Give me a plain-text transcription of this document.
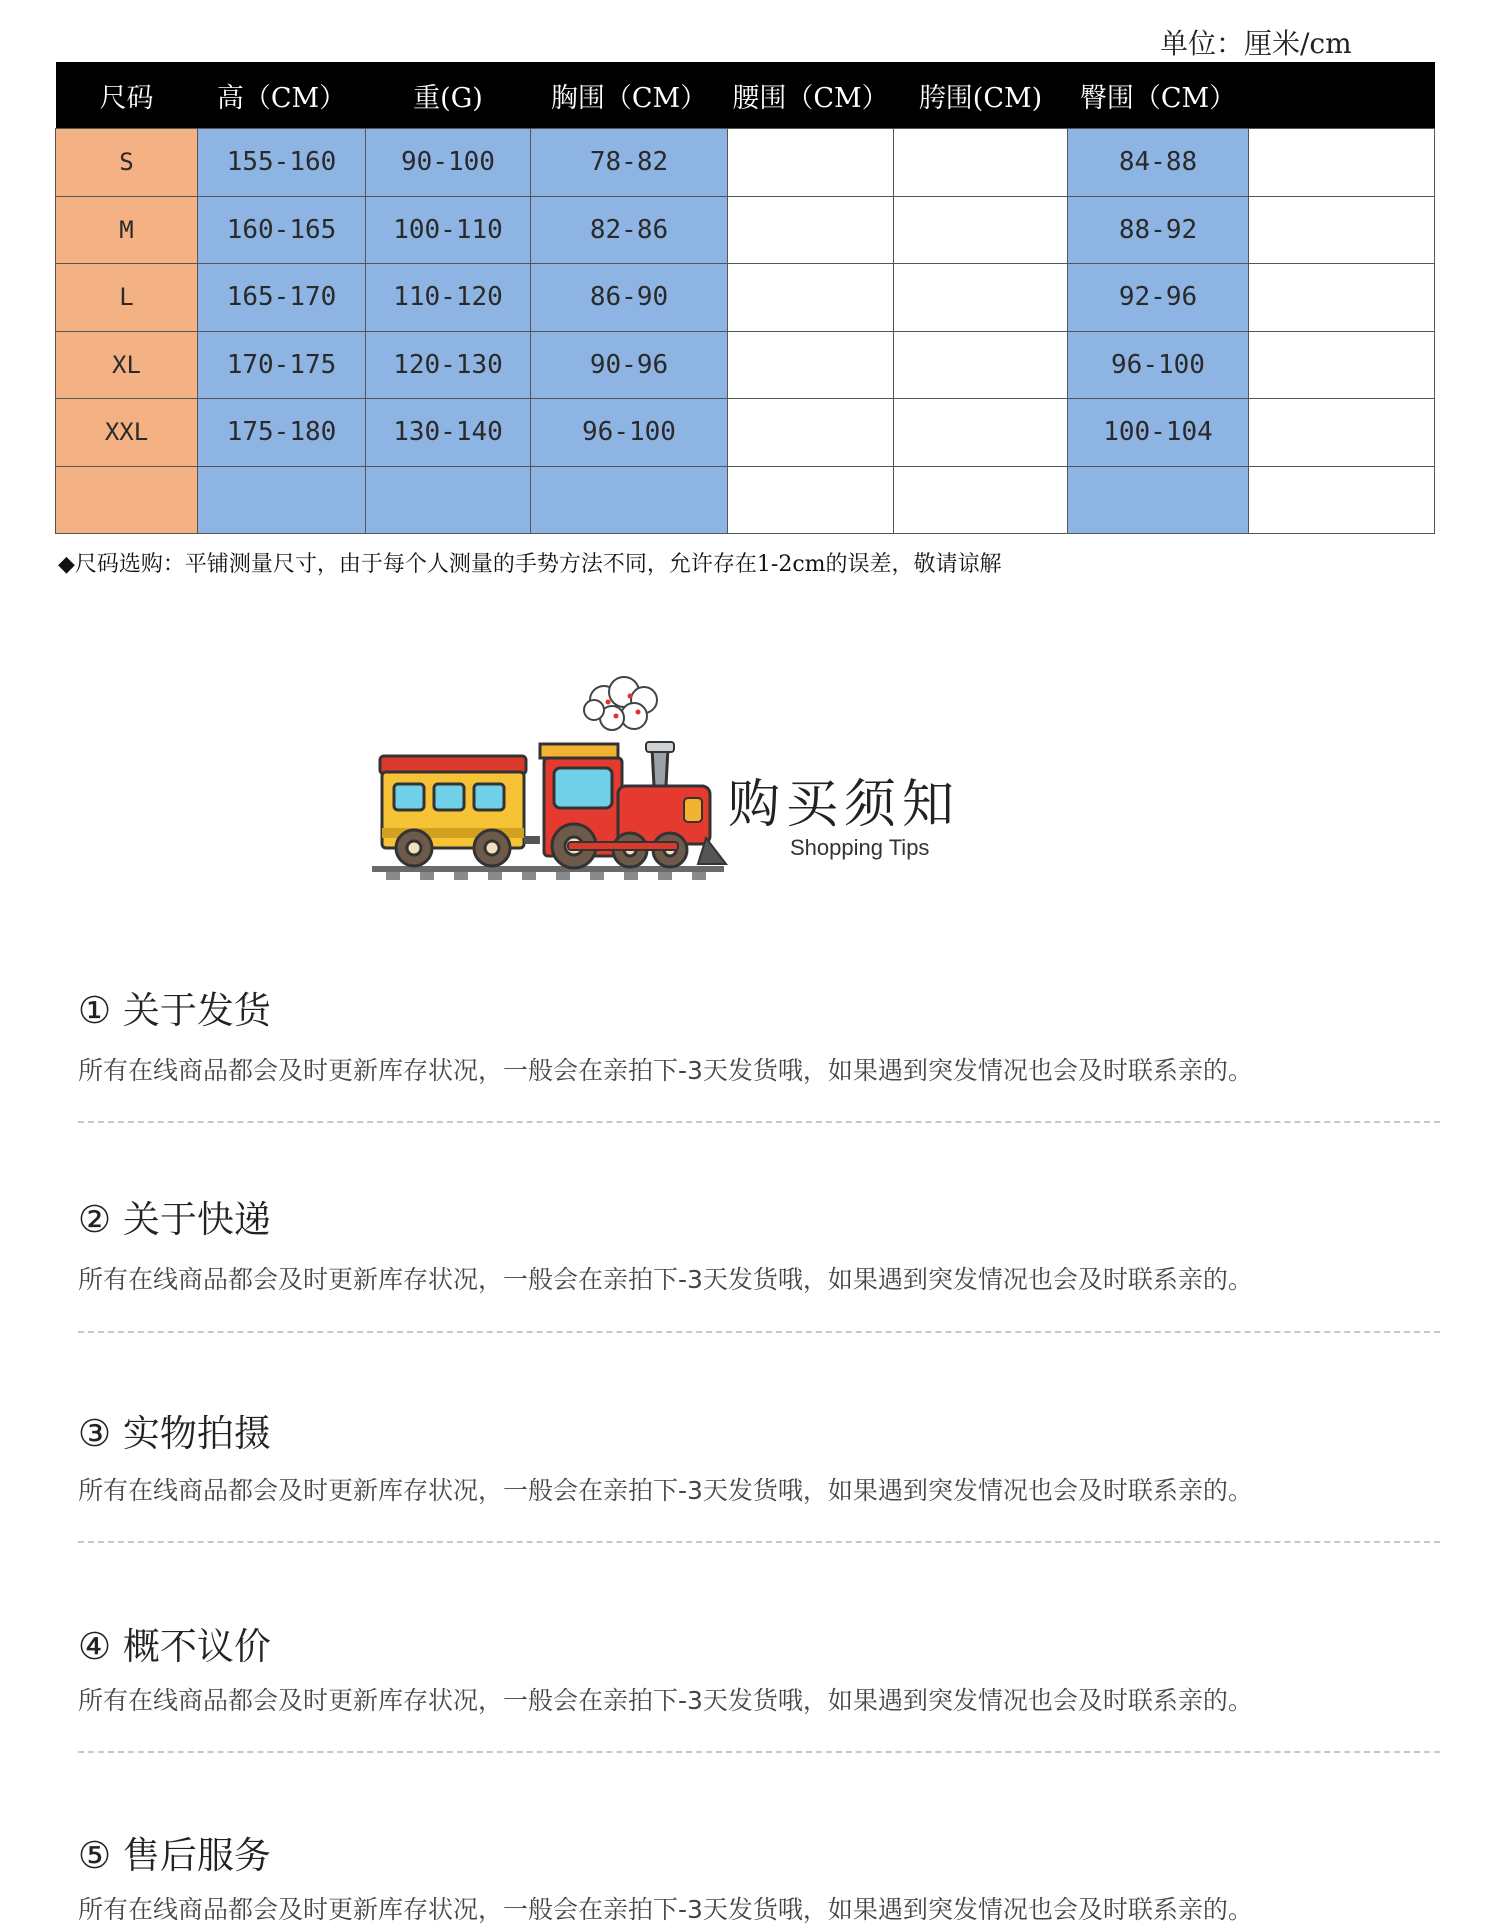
单位：厘米/cm
尺码	高（CM）	重(G)	胸围（CM）	腰围（CM）	胯围(CM)	臀围（CM）	
S	155-160	90-100	78-82			84-88	
M	160-165	100-110	82-86			88-92	
L	165-170	110-120	86-90			92-96	
XL	170-175	120-130	90-96			96-100	
XXL	175-180	130-140	96-100			100-104	

◆尺码选购：平铺测量尺寸，由于每个人测量的手势方法不同，允许存在1-2cm的误差，敬请谅解
购买须知
Shopping Tips
① 关于发货
所有在线商品都会及时更新库存状况，一般会在亲拍下-3天发货哦，如果遇到突发情况也会及时联系亲的。
② 关于快递
所有在线商品都会及时更新库存状况，一般会在亲拍下-3天发货哦，如果遇到突发情况也会及时联系亲的。
③ 实物拍摄
所有在线商品都会及时更新库存状况，一般会在亲拍下-3天发货哦，如果遇到突发情况也会及时联系亲的。
④ 概不议价
所有在线商品都会及时更新库存状况，一般会在亲拍下-3天发货哦，如果遇到突发情况也会及时联系亲的。
⑤ 售后服务
所有在线商品都会及时更新库存状况，一般会在亲拍下-3天发货哦，如果遇到突发情况也会及时联系亲的。
